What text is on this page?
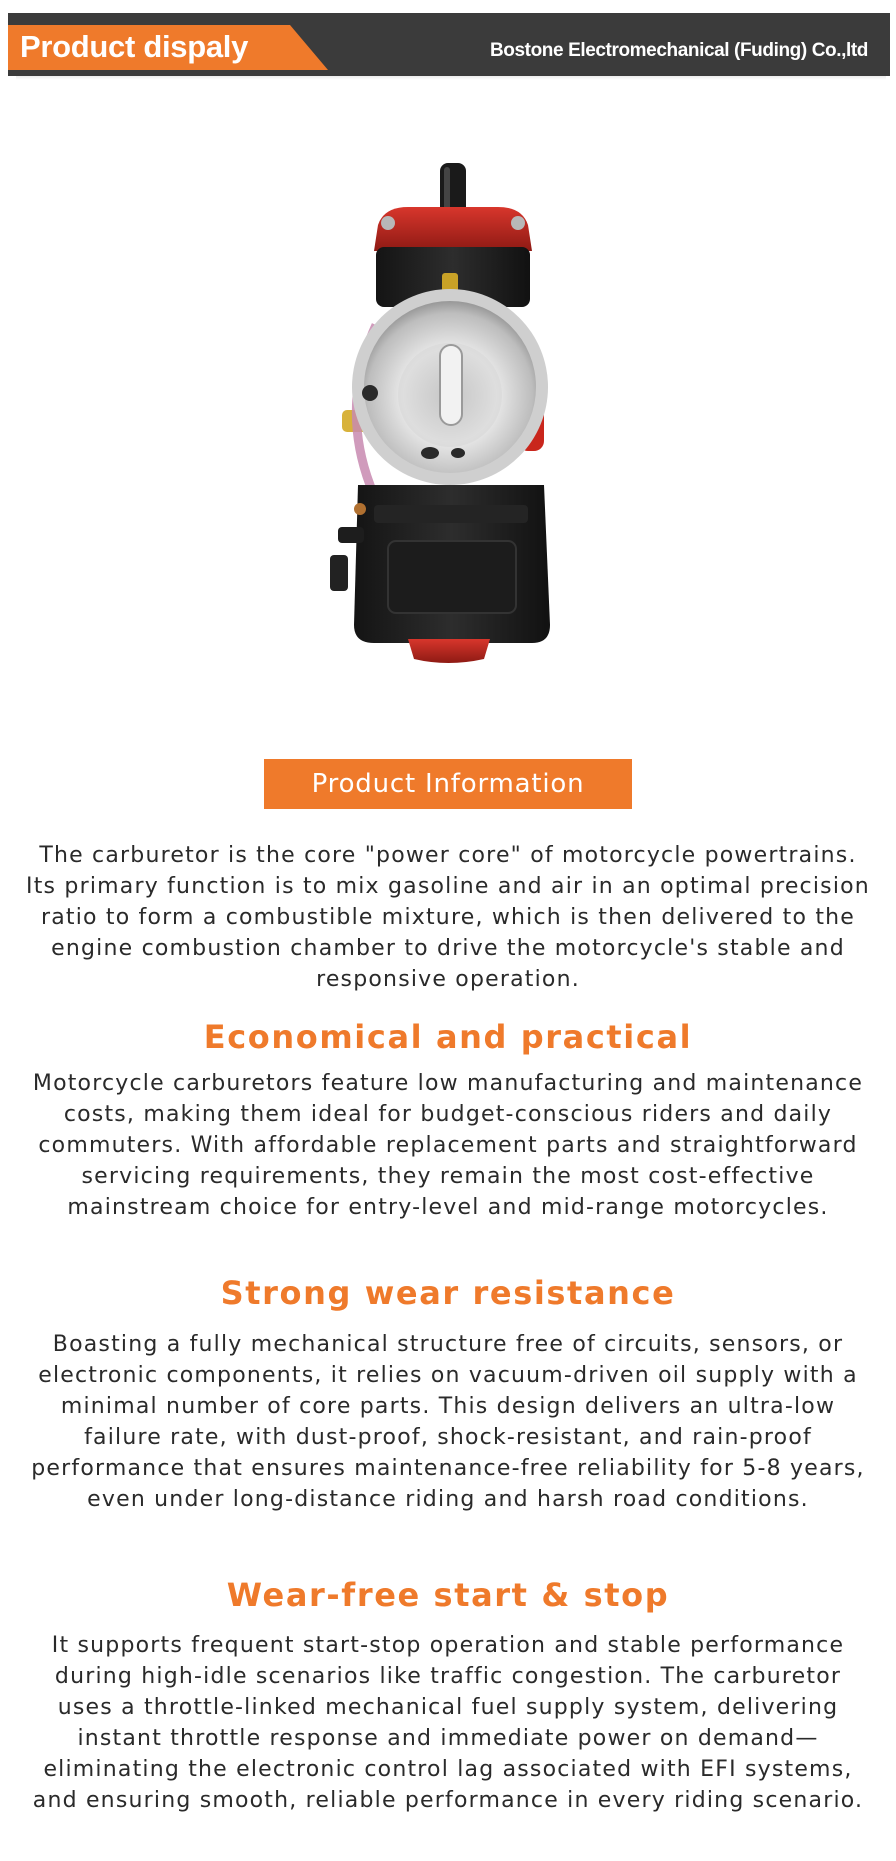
Product dispaly	Bostone Electromechanical (Fuding) Co.,ltd
Product Information

The carburetor is the core "power core" of motorcycle powertrains. Its primary function is to mix gasoline and air in an optimal precision ratio to form a combustible mixture, which is then delivered to the engine combustion chamber to drive the motorcycle's stable and responsive operation.

Economical and practical

Motorcycle carburetors feature low manufacturing and maintenance costs, making them ideal for budget-conscious riders and daily commuters. With affordable replacement parts and straightforward servicing requirements, they remain the most cost-effective mainstream choice for entry-level and mid-range motorcycles.

Strong wear resistance

Boasting a fully mechanical structure free of circuits, sensors, or electronic components, it relies on vacuum-driven oil supply with a minimal number of core parts. This design delivers an ultra-low failure rate, with dust-proof, shock-resistant, and rain-proof performance that ensures maintenance-free reliability for 5-8 years, even under long-distance riding and harsh road conditions.

Wear-free start & stop

It supports frequent start-stop operation and stable performance during high-idle scenarios like traffic congestion. The carburetor uses a throttle-linked mechanical fuel supply system, delivering instant throttle response and immediate power on demand—eliminating the electronic control lag associated with EFI systems, and ensuring smooth, reliable performance in every riding scenario.
